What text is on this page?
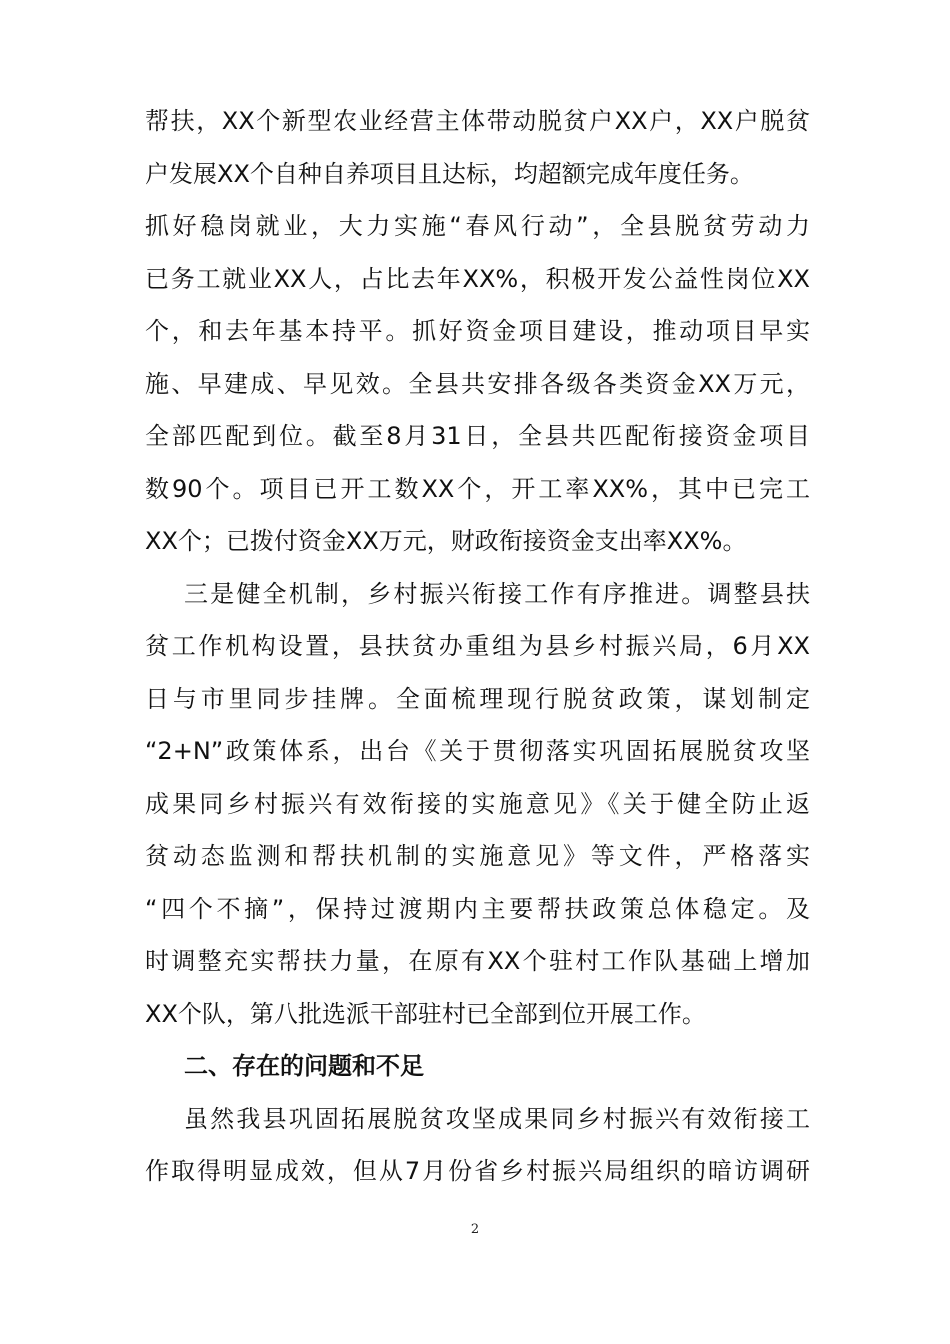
帮扶，XX个新型农业经营主体带动脱贫户XX户，XX户脱贫
户发展XX个自种自养项目且达标，均超额完成年度任务。
抓好稳岗就业，大力实施“春风行动”，全县脱贫劳动力
已务工就业XX人，占比去年XX%，积极开发公益性岗位XX
个，和去年基本持平。抓好资金项目建设，推动项目早实
施、早建成、早见效。全县共安排各级各类资金XX万元，
全部匹配到位。截至8月31日，全县共匹配衔接资金项目
数90个。项目已开工数XX个，开工率XX%，其中已完工
XX个；已拨付资金XX万元，财政衔接资金支出率XX%。
三是健全机制，乡村振兴衔接工作有序推进。调整县扶
贫工作机构设置，县扶贫办重组为县乡村振兴局，6月XX
日与市里同步挂牌。全面梳理现行脱贫政策，谋划制定
“2+N”政策体系，出台《关于贯彻落实巩固拓展脱贫攻坚
成果同乡村振兴有效衔接的实施意见》《关于健全防止返
贫动态监测和帮扶机制的实施意见》等文件，严格落实
“四个不摘”，保持过渡期内主要帮扶政策总体稳定。及
时调整充实帮扶力量，在原有XX个驻村工作队基础上增加
XX个队，第八批选派干部驻村已全部到位开展工作。
二、存在的问题和不足
虽然我县巩固拓展脱贫攻坚成果同乡村振兴有效衔接工
作取得明显成效，但从7月份省乡村振兴局组织的暗访调研
2
